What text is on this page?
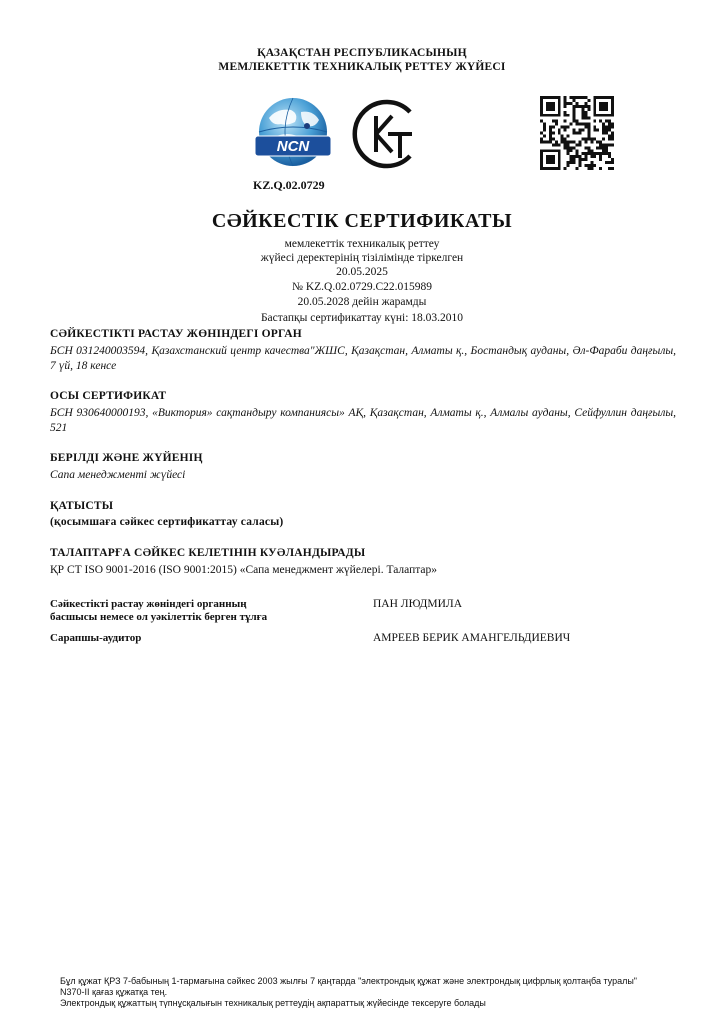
ҚАЗАҚСТАН РЕСПУБЛИКАСЫНЫҢ
МЕМЛЕКЕТТІК ТЕХНИКАЛЫҚ РЕТТЕУ ЖҮЙЕСІ
NCN
KZ.Q.02.0729
СӘЙКЕСТІК СЕРТИФИКАТЫ
мемлекеттік техникалық реттеу
жүйесі деректерінің тізілімінде тіркелген
20.05.2025
№ KZ.Q.02.0729.C22.015989
20.05.2028 дейін жарамды
Бастапқы сертификаттау күні: 18.03.2010
СӘЙКЕСТІКТІ РАСТАУ ЖӨНІНДЕГІ ОРГАН
БСН 031240003594, Қазахстанский центр качества"ЖШС, Қазақстан, Алматы қ., Бостандық ауданы, Әл-Фараби даңғылы, 7 үй, 18 кенсе
ОСЫ СЕРТИФИКАТ
БСН 930640000193, «Виктория» сақтандыру компаниясы» АҚ, Қазақстан, Алматы қ., Алмалы ауданы, Сейфуллин даңғылы, 521
БЕРІЛДІ ЖӘНЕ ЖҮЙЕНІҢ
Сапа менеджменті жүйесі
ҚАТЫСТЫ
(қосымшаға сәйкес сертификаттау саласы)
ТАЛАПТАРҒА СӘЙКЕС КЕЛЕТІНІН КУӘЛАНДЫРАДЫ
ҚР СТ ISO 9001-2016 (ISO 9001:2015) «Сапа менеджмент жүйелері. Талаптар»
Сәйкестікті растау жөніндегі органның
басшысы немесе ол уәкілеттік берген тұлға
ПАН ЛЮДМИЛА
Сарапшы-аудитор	АМРЕЕВ БЕРИК АМАНГЕЛЬДИЕВИЧ
Бұл құжат ҚРЗ 7-бабының 1-тармағына сәйкес 2003 жылғы 7 қаңтарда "электрондық құжат және электрондық цифрлық қолтаңба туралы"
N370-II қағаз құжатқа тең.
Электрондық құжаттың түпнұсқалығын техникалық реттеудің ақпараттық жүйесінде тексеруге болады
